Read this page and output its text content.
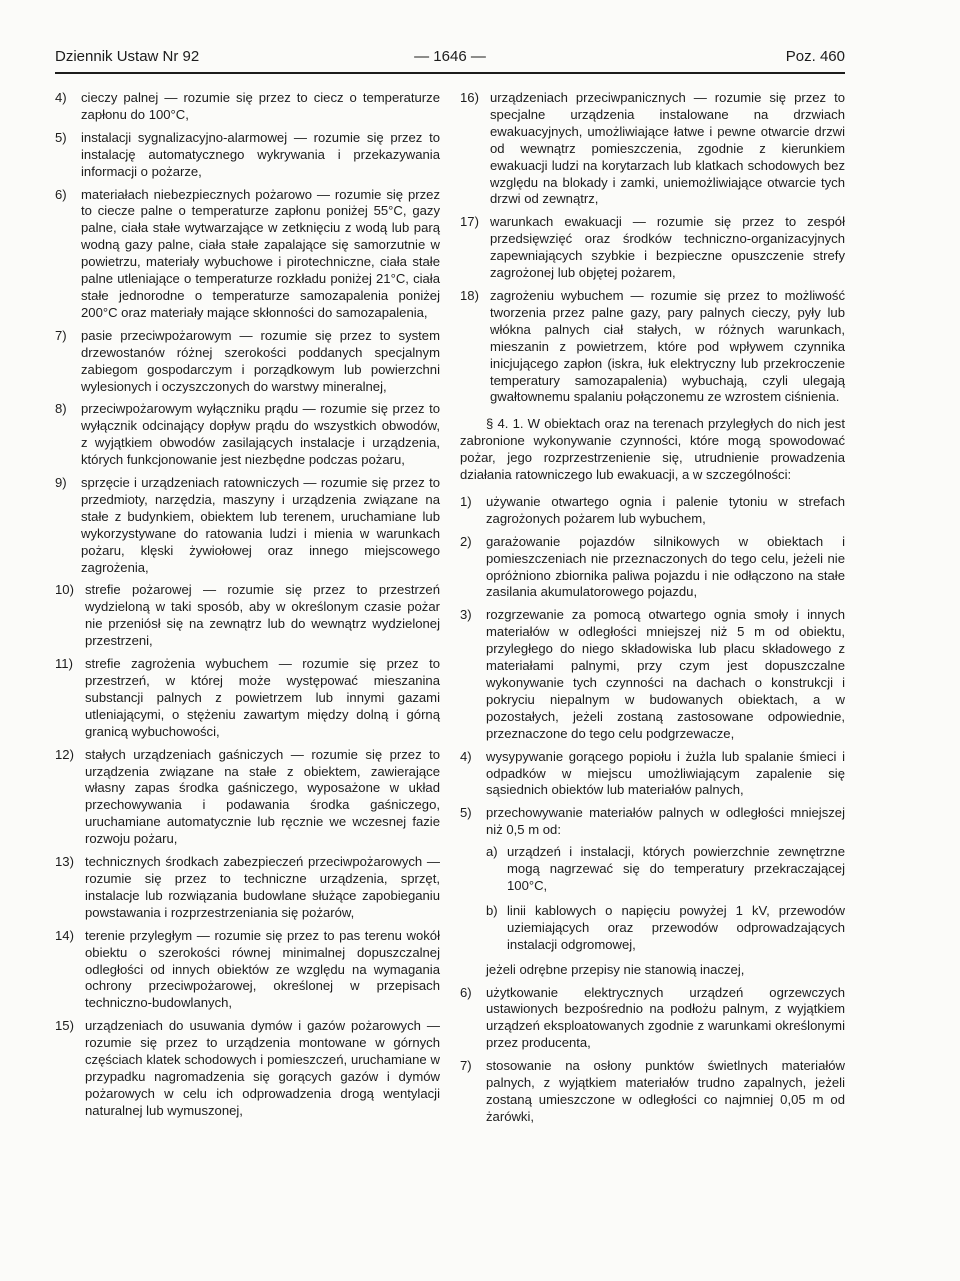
Dziennik Ustaw Nr 92	— 1646 —	Poz. 460
4) cieczy palnej — rozumie się przez to ciecz o temperaturze zapłonu do 100°C,
5) instalacji sygnalizacyjno-alarmowej — rozumie się przez to instalację automatycznego wykrywania i przekazywania informacji o pożarze,
6) materiałach niebezpiecznych pożarowo — rozumie się przez to ciecze palne o temperaturze zapłonu poniżej 55°C, gazy palne, ciała stałe wytwarzające w zetknięciu z wodą lub parą wodną gazy palne, ciała stałe zapalające się samorzutnie w powietrzu, materiały wybuchowe i pirotechniczne, ciała stałe palne utleniające o temperaturze rozkładu poniżej 21°C, ciała stałe jednorodne o temperaturze samozapalenia poniżej 200°C oraz materiały mające skłonności do samozapalenia,
7) pasie przeciwpożarowym — rozumie się przez to system drzewostanów różnej szerokości poddanych specjalnym zabiegom gospodarczym i porządkowym lub powierzchni wylesionych i oczyszczonych do warstwy mineralnej,
8) przeciwpożarowym wyłączniku prądu — rozumie się przez to wyłącznik odcinający dopływ prądu do wszystkich obwodów, z wyjątkiem obwodów zasilających instalacje i urządzenia, których funkcjonowanie jest niezbędne podczas pożaru,
9) sprzęcie i urządzeniach ratowniczych — rozumie się przez to przedmioty, narzędzia, maszyny i urządzenia związane na stałe z budynkiem, obiektem lub terenem, uruchamiane lub wykorzystywane do ratowania ludzi i mienia w warunkach pożaru, klęski żywiołowej oraz innego miejscowego zagrożenia,
10) strefie pożarowej — rozumie się przez to przestrzeń wydzieloną w taki sposób, aby w określonym czasie pożar nie przeniósł się na zewnątrz lub do wewnątrz wydzielonej przestrzeni,
11) strefie zagrożenia wybuchem — rozumie się przez to przestrzeń, w której może występować mieszanina substancji palnych z powietrzem lub innymi gazami utleniającymi, o stężeniu zawartym między dolną i górną granicą wybuchowości,
12) stałych urządzeniach gaśniczych — rozumie się przez to urządzenia związane na stałe z obiektem, zawierające własny zapas środka gaśniczego, wyposażone w układ przechowywania i podawania środka gaśniczego, uruchamiane automatycznie lub ręcznie we wczesnej fazie rozwoju pożaru,
13) technicznych środkach zabezpieczeń przeciwpożarowych — rozumie się przez to techniczne urządzenia, sprzęt, instalacje lub rozwiązania budowlane służące zapobieganiu powstawania i rozprzestrzeniania się pożarów,
14) terenie przyległym — rozumie się przez to pas terenu wokół obiektu o szerokości równej minimalnej dopuszczalnej odległości od innych obiektów ze względu na wymagania ochrony przeciwpożarowej, określonej w przepisach techniczno-budowlanych,
15) urządzeniach do usuwania dymów i gazów pożarowych — rozumie się przez to urządzenia montowane w górnych częściach klatek schodowych i pomieszczeń, uruchamiane w przypadku nagromadzenia się gorących gazów i dymów pożarowych w celu ich odprowadzenia drogą wentylacji naturalnej lub wymuszonej,
16) urządzeniach przeciwpanicznych — rozumie się przez to specjalne urządzenia instalowane na drzwiach ewakuacyjnych, umożliwiające łatwe i pewne otwarcie drzwi od wewnątrz pomieszczenia, zgodnie z kierunkiem ewakuacji ludzi na korytarzach lub klatkach schodowych bez względu na blokady i zamki, uniemożliwiające otwarcie tych drzwi od zewnątrz,
17) warunkach ewakuacji — rozumie się przez to zespół przedsięwzięć oraz środków techniczno-organizacyjnych zapewniających szybkie i bezpieczne opuszczenie strefy zagrożonej lub objętej pożarem,
18) zagrożeniu wybuchem — rozumie się przez to możliwość tworzenia przez palne gazy, pary palnych cieczy, pyły lub włókna palnych ciał stałych, w różnych warunkach, mieszanin z powietrzem, które pod wpływem czynnika inicjującego zapłon (iskra, łuk elektryczny lub przekroczenie temperatury samozapalenia) wybuchają, czyli ulegają gwałtownemu spalaniu połączonemu ze wzrostem ciśnienia.
§ 4. 1. W obiektach oraz na terenach przyległych do nich jest zabronione wykonywanie czynności, które mogą spowodować pożar, jego rozprzestrzenienie się, utrudnienie prowadzenia działania ratowniczego lub ewakuacji, a w szczególności:
1) używanie otwartego ognia i palenie tytoniu w strefach zagrożonych pożarem lub wybuchem,
2) garażowanie pojazdów silnikowych w obiektach i pomieszczeniach nie przeznaczonych do tego celu, jeżeli nie opróżniono zbiornika paliwa pojazdu i nie odłączono na stałe zasilania akumulatorowego pojazdu,
3) rozgrzewanie za pomocą otwartego ognia smoły i innych materiałów w odległości mniejszej niż 5 m od obiektu, przyległego do niego składowiska lub placu składowego z materiałami palnymi, przy czym jest dopuszczalne wykonywanie tych czynności na dachach o konstrukcji i pokryciu niepalnym w budowanych obiektach, a w pozostałych, jeżeli zostaną zastosowane odpowiednie, przeznaczone do tego celu podgrzewacze,
4) wysypywanie gorącego popiołu i żużla lub spalanie śmieci i odpadków w miejscu umożliwiającym zapalenie się sąsiednich obiektów lub materiałów palnych,
5) przechowywanie materiałów palnych w odległości mniejszej niż 0,5 m od:
a) urządzeń i instalacji, których powierzchnie zewnętrzne mogą nagrzewać się do temperatury przekraczającej 100°C,
b) linii kablowych o napięciu powyżej 1 kV, przewodów uziemiających oraz przewodów odprowadzających instalacji odgromowej,
jeżeli odrębne przepisy nie stanowią inaczej,
6) użytkowanie elektrycznych urządzeń ogrzewczych ustawionych bezpośrednio na podłożu palnym, z wyjątkiem urządzeń eksploatowanych zgodnie z warunkami określonymi przez producenta,
7) stosowanie na osłony punktów świetlnych materiałów palnych, z wyjątkiem materiałów trudno zapalnych, jeżeli zostaną umieszczone w odległości co najmniej 0,05 m od żarówki,
